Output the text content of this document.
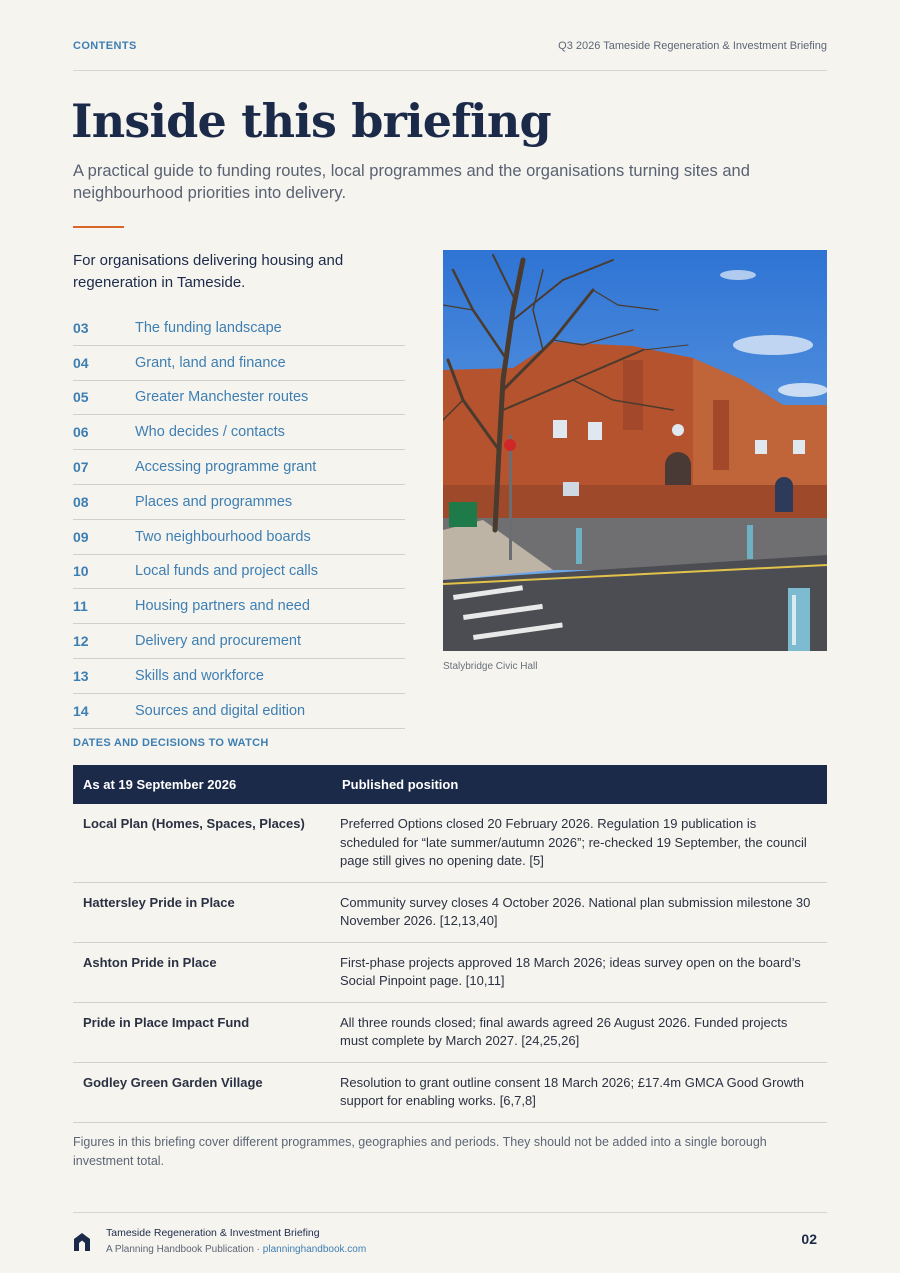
CONTENTS	Q3 2026 Tameside Regeneration & Investment Briefing
Inside this briefing

A practical guide to funding routes, local programmes and the organisations turning sites and neighbourhood priorities into delivery.

For organisations delivering housing and regeneration in Tameside.

03	The funding landscape
04	Grant, land and finance
05	Greater Manchester routes
06	Who decides / contacts
07	Accessing programme grant
08	Places and programmes
09	Two neighbourhood boards
10	Local funds and project calls
11	Housing partners and need
12	Delivery and procurement
13	Skills and workforce
14	Sources and digital edition
Stalybridge Civic Hall
DATES AND DECISIONS TO WATCH
As at 19 September 2026	Published position
Local Plan (Homes, Spaces, Places)	Preferred Options closed 20 February 2026. Regulation 19 publication is scheduled for “late summer/autumn 2026”; re-checked 19 September, the council page still gives no opening date. [5]
Hattersley Pride in Place	Community survey closes 4 October 2026. National plan submission milestone 30 November 2026. [12,13,40]
Ashton Pride in Place	First-phase projects approved 18 March 2026; ideas survey open on the board’s Social Pinpoint page. [10,11]
Pride in Place Impact Fund	All three rounds closed; final awards agreed 26 August 2026. Funded projects must complete by March 2027. [24,25,26]
Godley Green Garden Village	Resolution to grant outline consent 18 March 2026; £17.4m GMCA Good Growth support for enabling works. [6,7,8]

Figures in this briefing cover different programmes, geographies and periods. They should not be added into a single borough investment total.

Tameside Regeneration & Investment Briefing
A Planning Handbook Publication · planninghandbook.com
02
